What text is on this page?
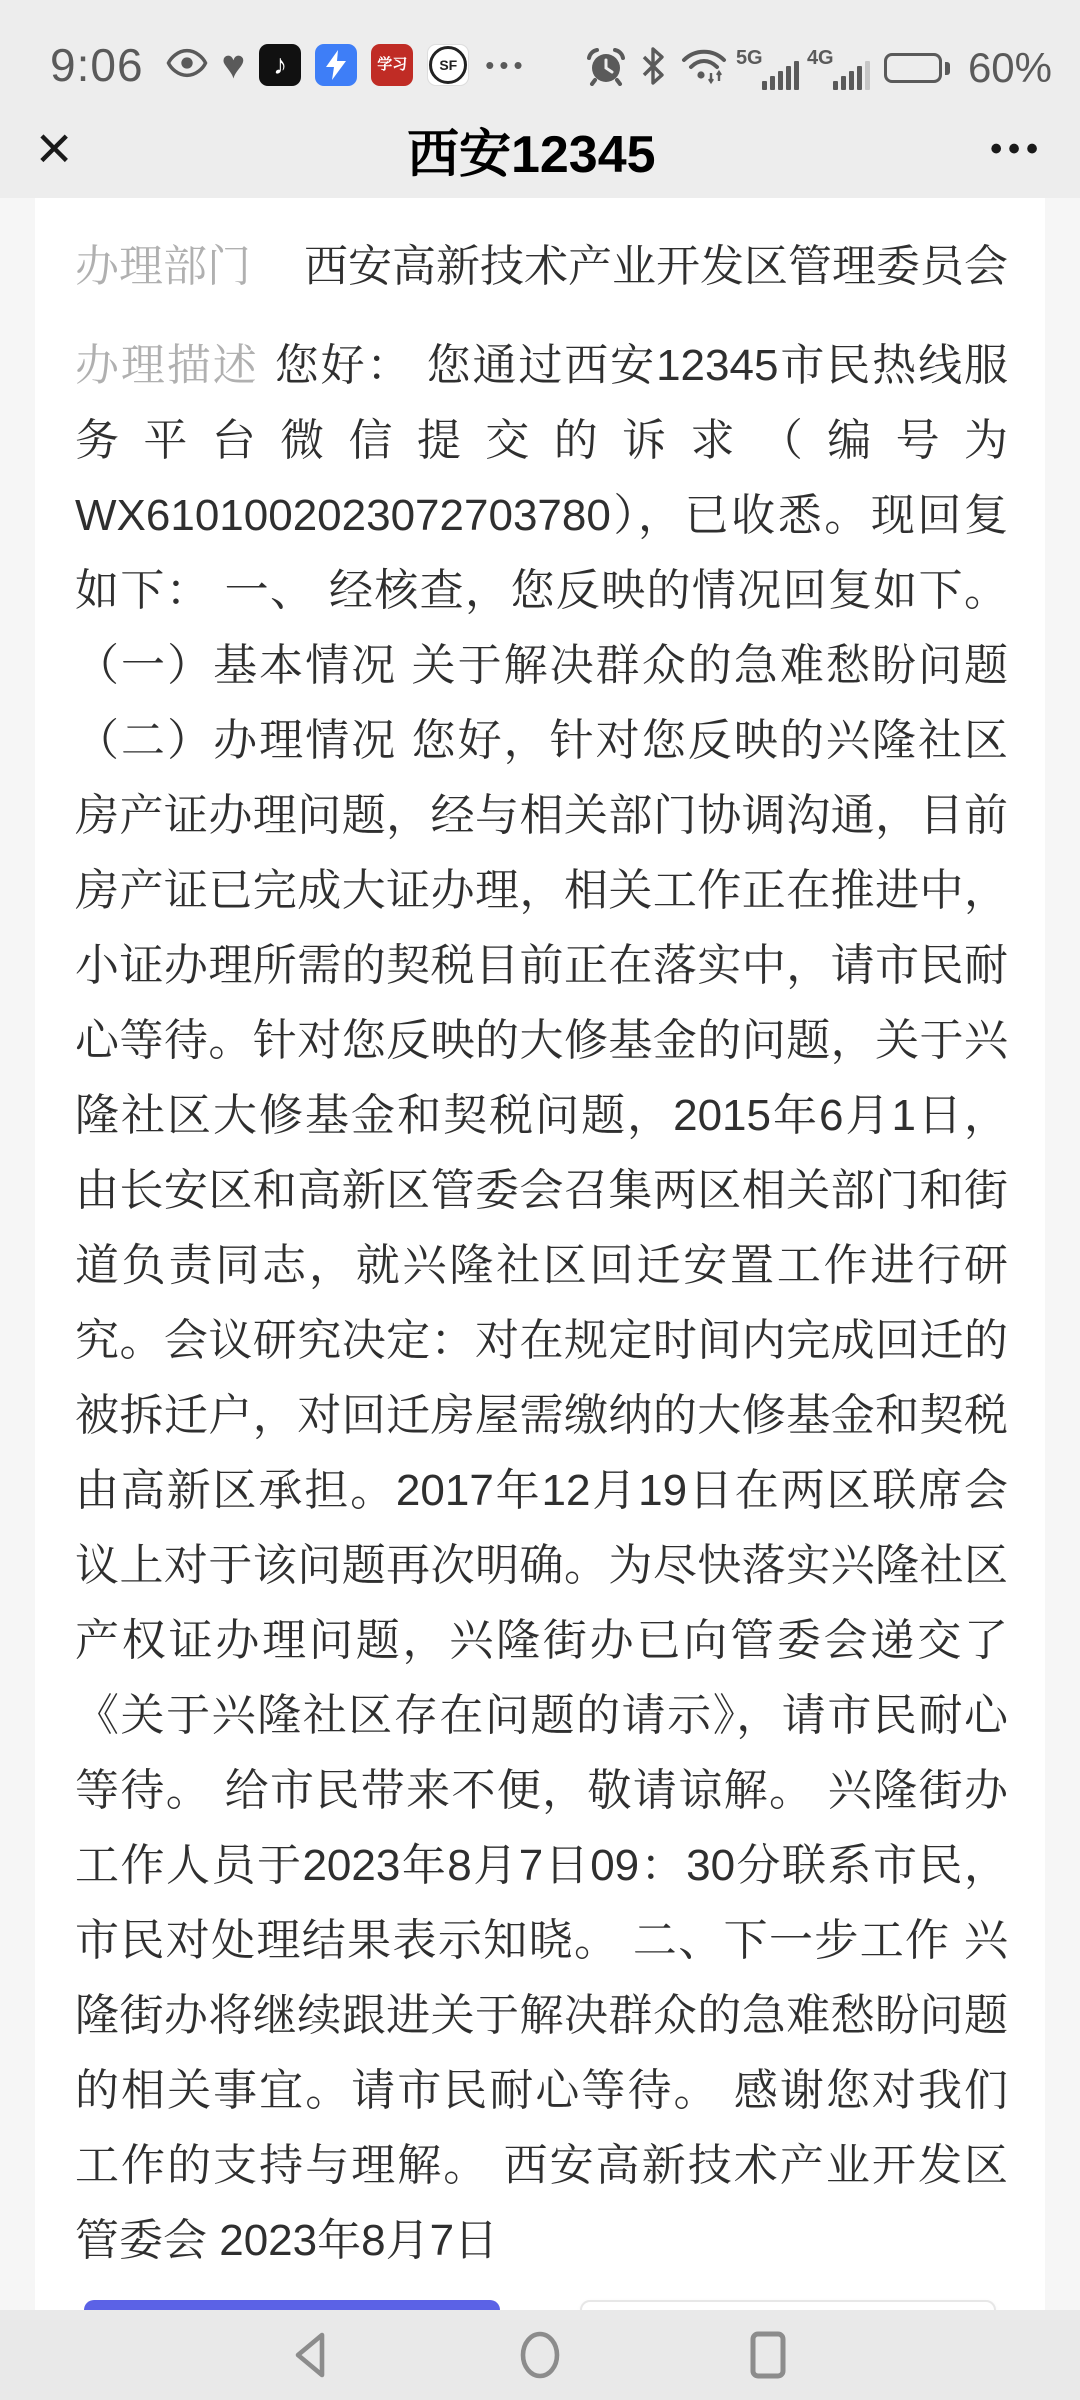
9:06 ♥	♪	学习	SF	•••	5G 4G	60%
×	西安12345	•••
办理部门 西安高新技术产业开发区管理委员会

办理描述 您好： 您通过西安12345市民热线服务平台微信提交的诉求（编号为WX6101002023072703780），已收悉。现回复如下： 一、 经核查，您反映的情况回复如下。 （一）基本情况 关于解决群众的急难愁盼问题 （二）办理情况 您好，针对您反映的兴隆社区房产证办理问题，经与相关部门协调沟通，目前房产证已完成大证办理，相关工作正在推进中，小证办理所需的契税目前正在落实中，请市民耐心等待。针对您反映的大修基金的问题，关于兴隆社区大修基金和契税问题，2015年6月1日，由长安区和高新区管委会召集两区相关部门和街道负责同志，就兴隆社区回迁安置工作进行研究。会议研究决定：对在规定时间内完成回迁的被拆迁户，对回迁房屋需缴纳的大修基金和契税由高新区承担。2017年12月19日在两区联席会议上对于该问题再次明确。为尽快落实兴隆社区产权证办理问题，兴隆街办已向管委会递交了《关于兴隆社区存在问题的请示》，请市民耐心等待。 给市民带来不便，敬请谅解。 兴隆街办工作人员于2023年8月7日09：30分联系市民，市民对处理结果表示知晓。 二、下一步工作 兴隆街办将继续跟进关于解决群众的急难愁盼问题的相关事宜。请市民耐心等待。 感谢您对我们工作的支持与理解。 西安高新技术产业开发区管委会 2023年8月7日
